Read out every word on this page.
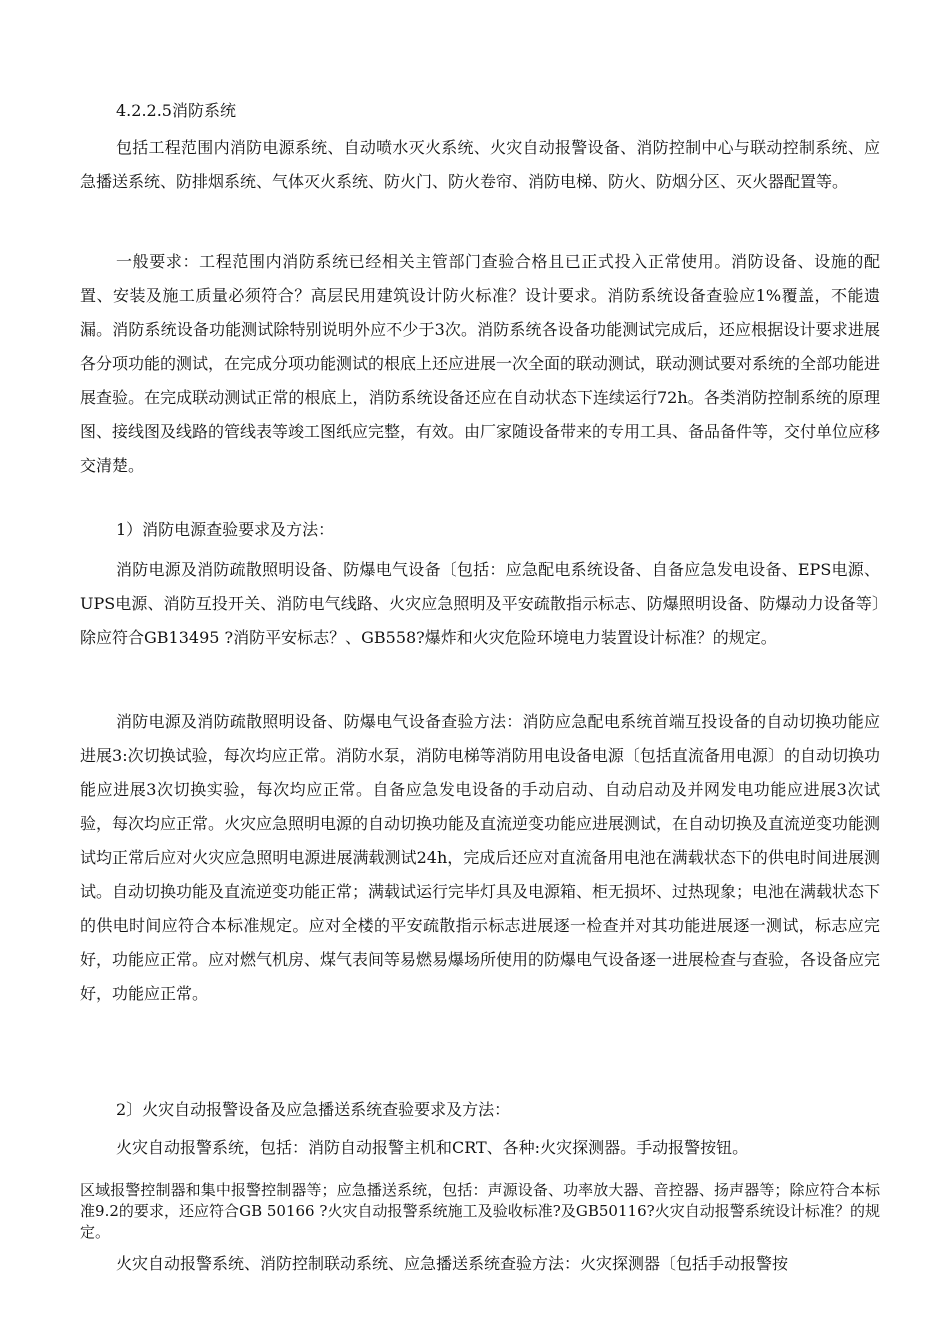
4.2.2.5消防系统

包括工程范围内消防电源系统、自动喷水灭火系统、火灾自动报警设备、消防控制中心与联动控制系统、应急播送系统、防排烟系统、气体灭火系统、防火门、防火卷帘、消防电梯、防火、防烟分区、灭火器配置等。

一般要求：工程范围内消防系统已经相关主管部门查验合格且已正式投入正常使用。消防设备、设施的配置、安装及施工质量必须符合？高层民用建筑设计防火标准？设计要求。消防系统设备查验应1%覆盖，不能遗漏。消防系统设备功能测试除特别说明外应不少于3次。消防系统各设备功能测试完成后，还应根据设计要求进展各分项功能的测试，在完成分项功能测试的根底上还应进展一次全面的联动测试，联动测试要对系统的全部功能进展查验。在完成联动测试正常的根底上，消防系统设备还应在自动状态下连续运行72h。各类消防控制系统的原理图、接线图及线路的管线表等竣工图纸应完整，有效。由厂家随设备带来的专用工具、备品备件等，交付单位应移交清楚。

1）消防电源查验要求及方法：

消防电源及消防疏散照明设备、防爆电气设备〔包括：应急配电系统设备、自备应急发电设备、EPS电源、UPS电源、消防互投开关、消防电气线路、火灾应急照明及平安疏散指示标志、防爆照明设备、防爆动力设备等〕除应符合GB13495 ?消防平安标志？、GB558?爆炸和火灾危险环境电力装置设计标准？的规定。

消防电源及消防疏散照明设备、防爆电气设备查验方法：消防应急配电系统首端互投设备的自动切换功能应进展3:次切换试验，每次均应正常。消防水泵，消防电梯等消防用电设备电源〔包括直流备用电源〕的自动切换功能应进展3次切换实验，每次均应正常。自备应急发电设备的手动启动、自动启动及并网发电功能应进展3次试验，每次均应正常。火灾应急照明电源的自动切换功能及直流逆变功能应进展测试，在自动切换及直流逆变功能测试均正常后应对火灾应急照明电源进展满载测试24h，完成后还应对直流备用电池在满载状态下的供电时间进展测试。自动切换功能及直流逆变功能正常；满载试运行完毕灯具及电源箱、柜无损坏、过热现象；电池在满载状态下的供电时间应符合本标准规定。应对全楼的平安疏散指示标志进展逐一检查并对其功能进展逐一测试，标志应完好，功能应正常。应对燃气机房、煤气表间等易燃易爆场所使用的防爆电气设备逐一进展检查与查验，各设备应完好，功能应正常。

2〕火灾自动报警设备及应急播送系统查验要求及方法：

火灾自动报警系统，包括：消防自动报警主机和CRT、各种:火灾探测器。手动报警按钮。

区域报警控制器和集中报警控制器等；应急播送系统，包括：声源设备、功率放大器、音控器、扬声器等；除应符合本标准9.2的要求，还应符合GB 50166 ?火灾自动报警系统施工及验收标准?及GB50116?火灾自动报警系统设计标准？的规定。

火灾自动报警系统、消防控制联动系统、应急播送系统查验方法：火灾探测器〔包括手动报警按
